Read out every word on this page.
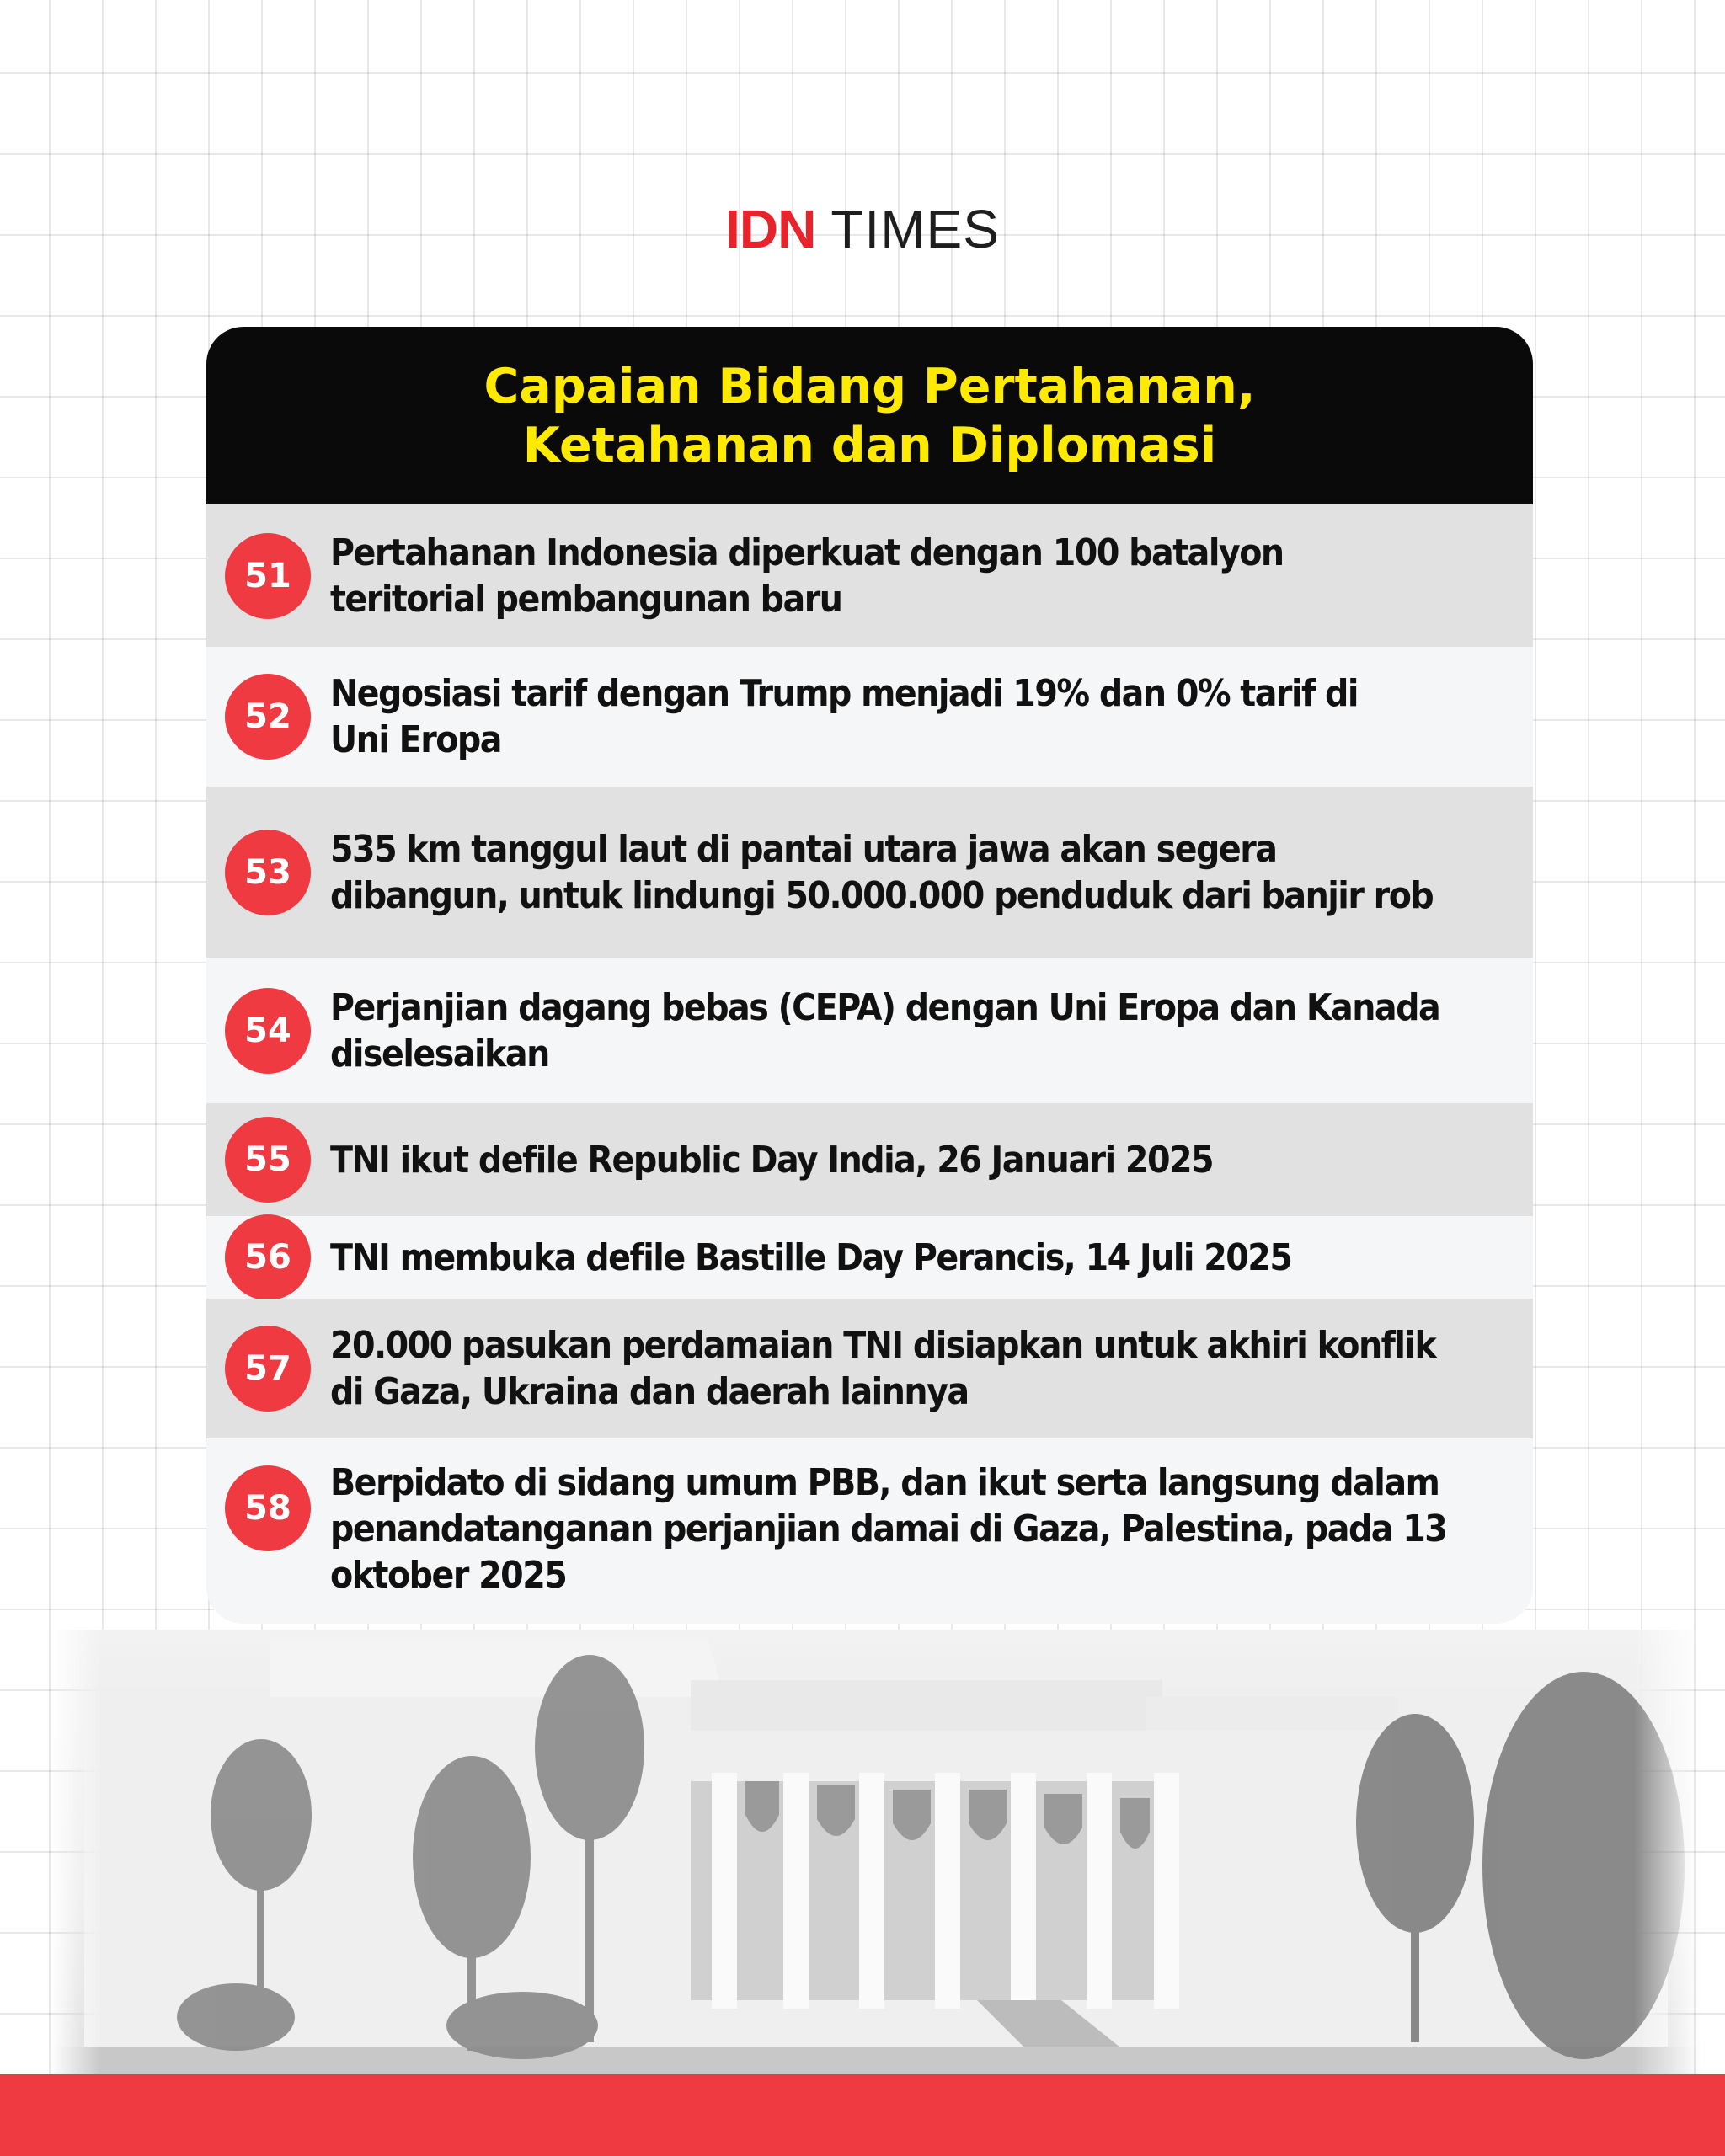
IDN TIMES
Capaian Bidang Pertahanan,
Ketahanan dan Diplomasi
51
Pertahanan Indonesia diperkuat dengan 100 batalyon teritorial pembangunan baru
52
Negosiasi tarif dengan Trump menjadi 19% dan 0% tarif di Uni Eropa
53
535 km tanggul laut di pantai utara jawa akan segera dibangun, untuk lindungi 50.000.000 penduduk dari banjir rob
54
Perjanjian dagang bebas (CEPA) dengan Uni Eropa dan Kanada diselesaikan
55	TNI ikut defile Republic Day India, 26 Januari 2025
56	TNI membuka defile Bastille Day Perancis, 14 Juli 2025
57
20.000 pasukan perdamaian TNI disiapkan untuk akhiri konflik di Gaza, Ukraina dan daerah lainnya
58
Berpidato di sidang umum PBB, dan ikut serta langsung dalam penandatanganan perjanjian damai di Gaza, Palestina, pada 13 oktober 2025
